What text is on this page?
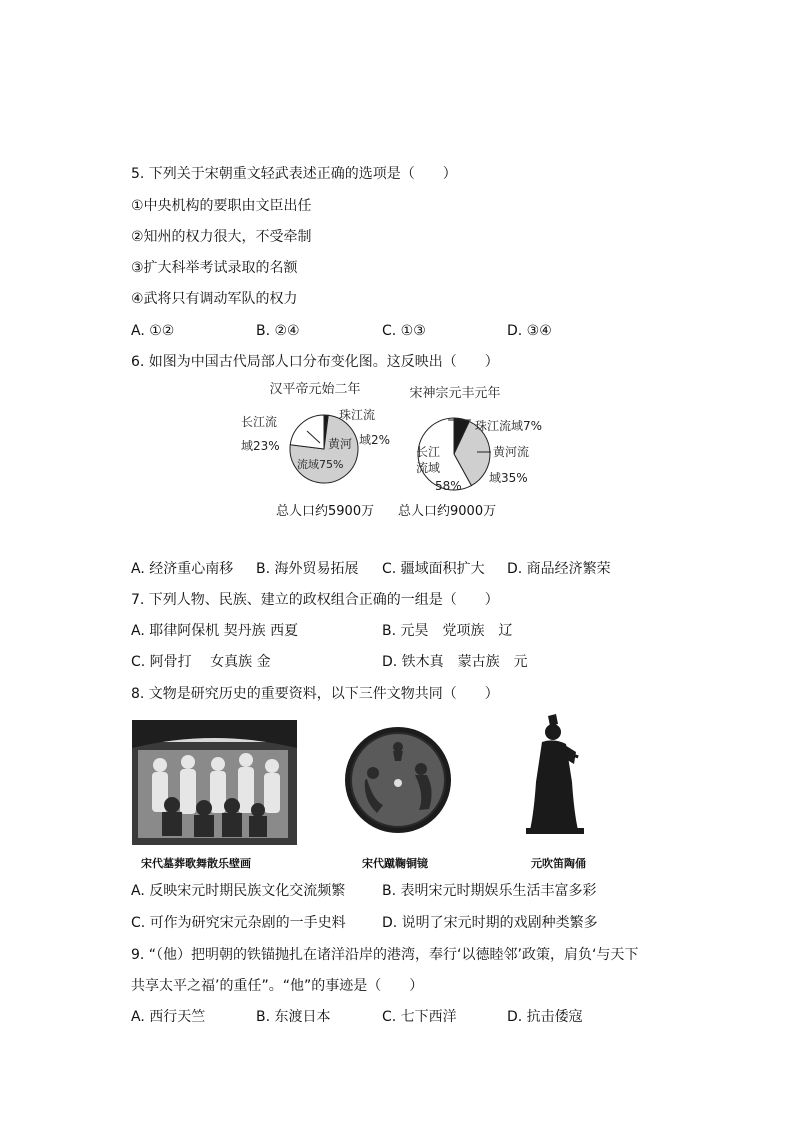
5. 下列关于宋朝重文轻武表述正确的选项是（　　）
①中央机构的要职由文臣出任
②知州的权力很大，不受牵制
③扩大科举考试录取的名额
④武将只有调动军队的权力
A. ①②	B. ②④	C. ①③	D. ③④
6. 如图为中国古代局部人口分布变化图。这反映出（　　）
汉平帝元始二年
长江流
域23%
珠江流
域2%
黄河
流域75%
总人口约5900万
宋神宗元丰元年
珠江流域7%
黄河流
域35%
长江
流域
58%
总人口约9000万
A. 经济重心南移 B. 海外贸易拓展 C. 疆域面积扩大 D. 商品经济繁荣
7. 下列人物、民族、建立的政权组合正确的一组是（　　）
A. 耶律阿保机 契丹族 西夏	B. 元昊　党项族　辽
C. 阿骨打　 女真族 金	D. 铁木真　蒙古族　元
8. 文物是研究历史的重要资料，以下三件文物共同（　　）
宋代墓葬歌舞散乐壁画	宋代蹴鞠铜镜	元吹笛陶俑
A. 反映宋元时期民族文化交流频繁	B. 表明宋元时期娱乐生活丰富多彩
C. 可作为研究宋元杂剧的一手史料	D. 说明了宋元时期的戏剧种类繁多
9. “（他）把明朝的铁锚抛扎在诸洋沿岸的港湾，奉行‘以德睦邻’政策，肩负‘与天下
共享太平之福’的重任”。“他”的事迹是（　　）
A. 西行天竺	B. 东渡日本	C. 七下西洋	D. 抗击倭寇
